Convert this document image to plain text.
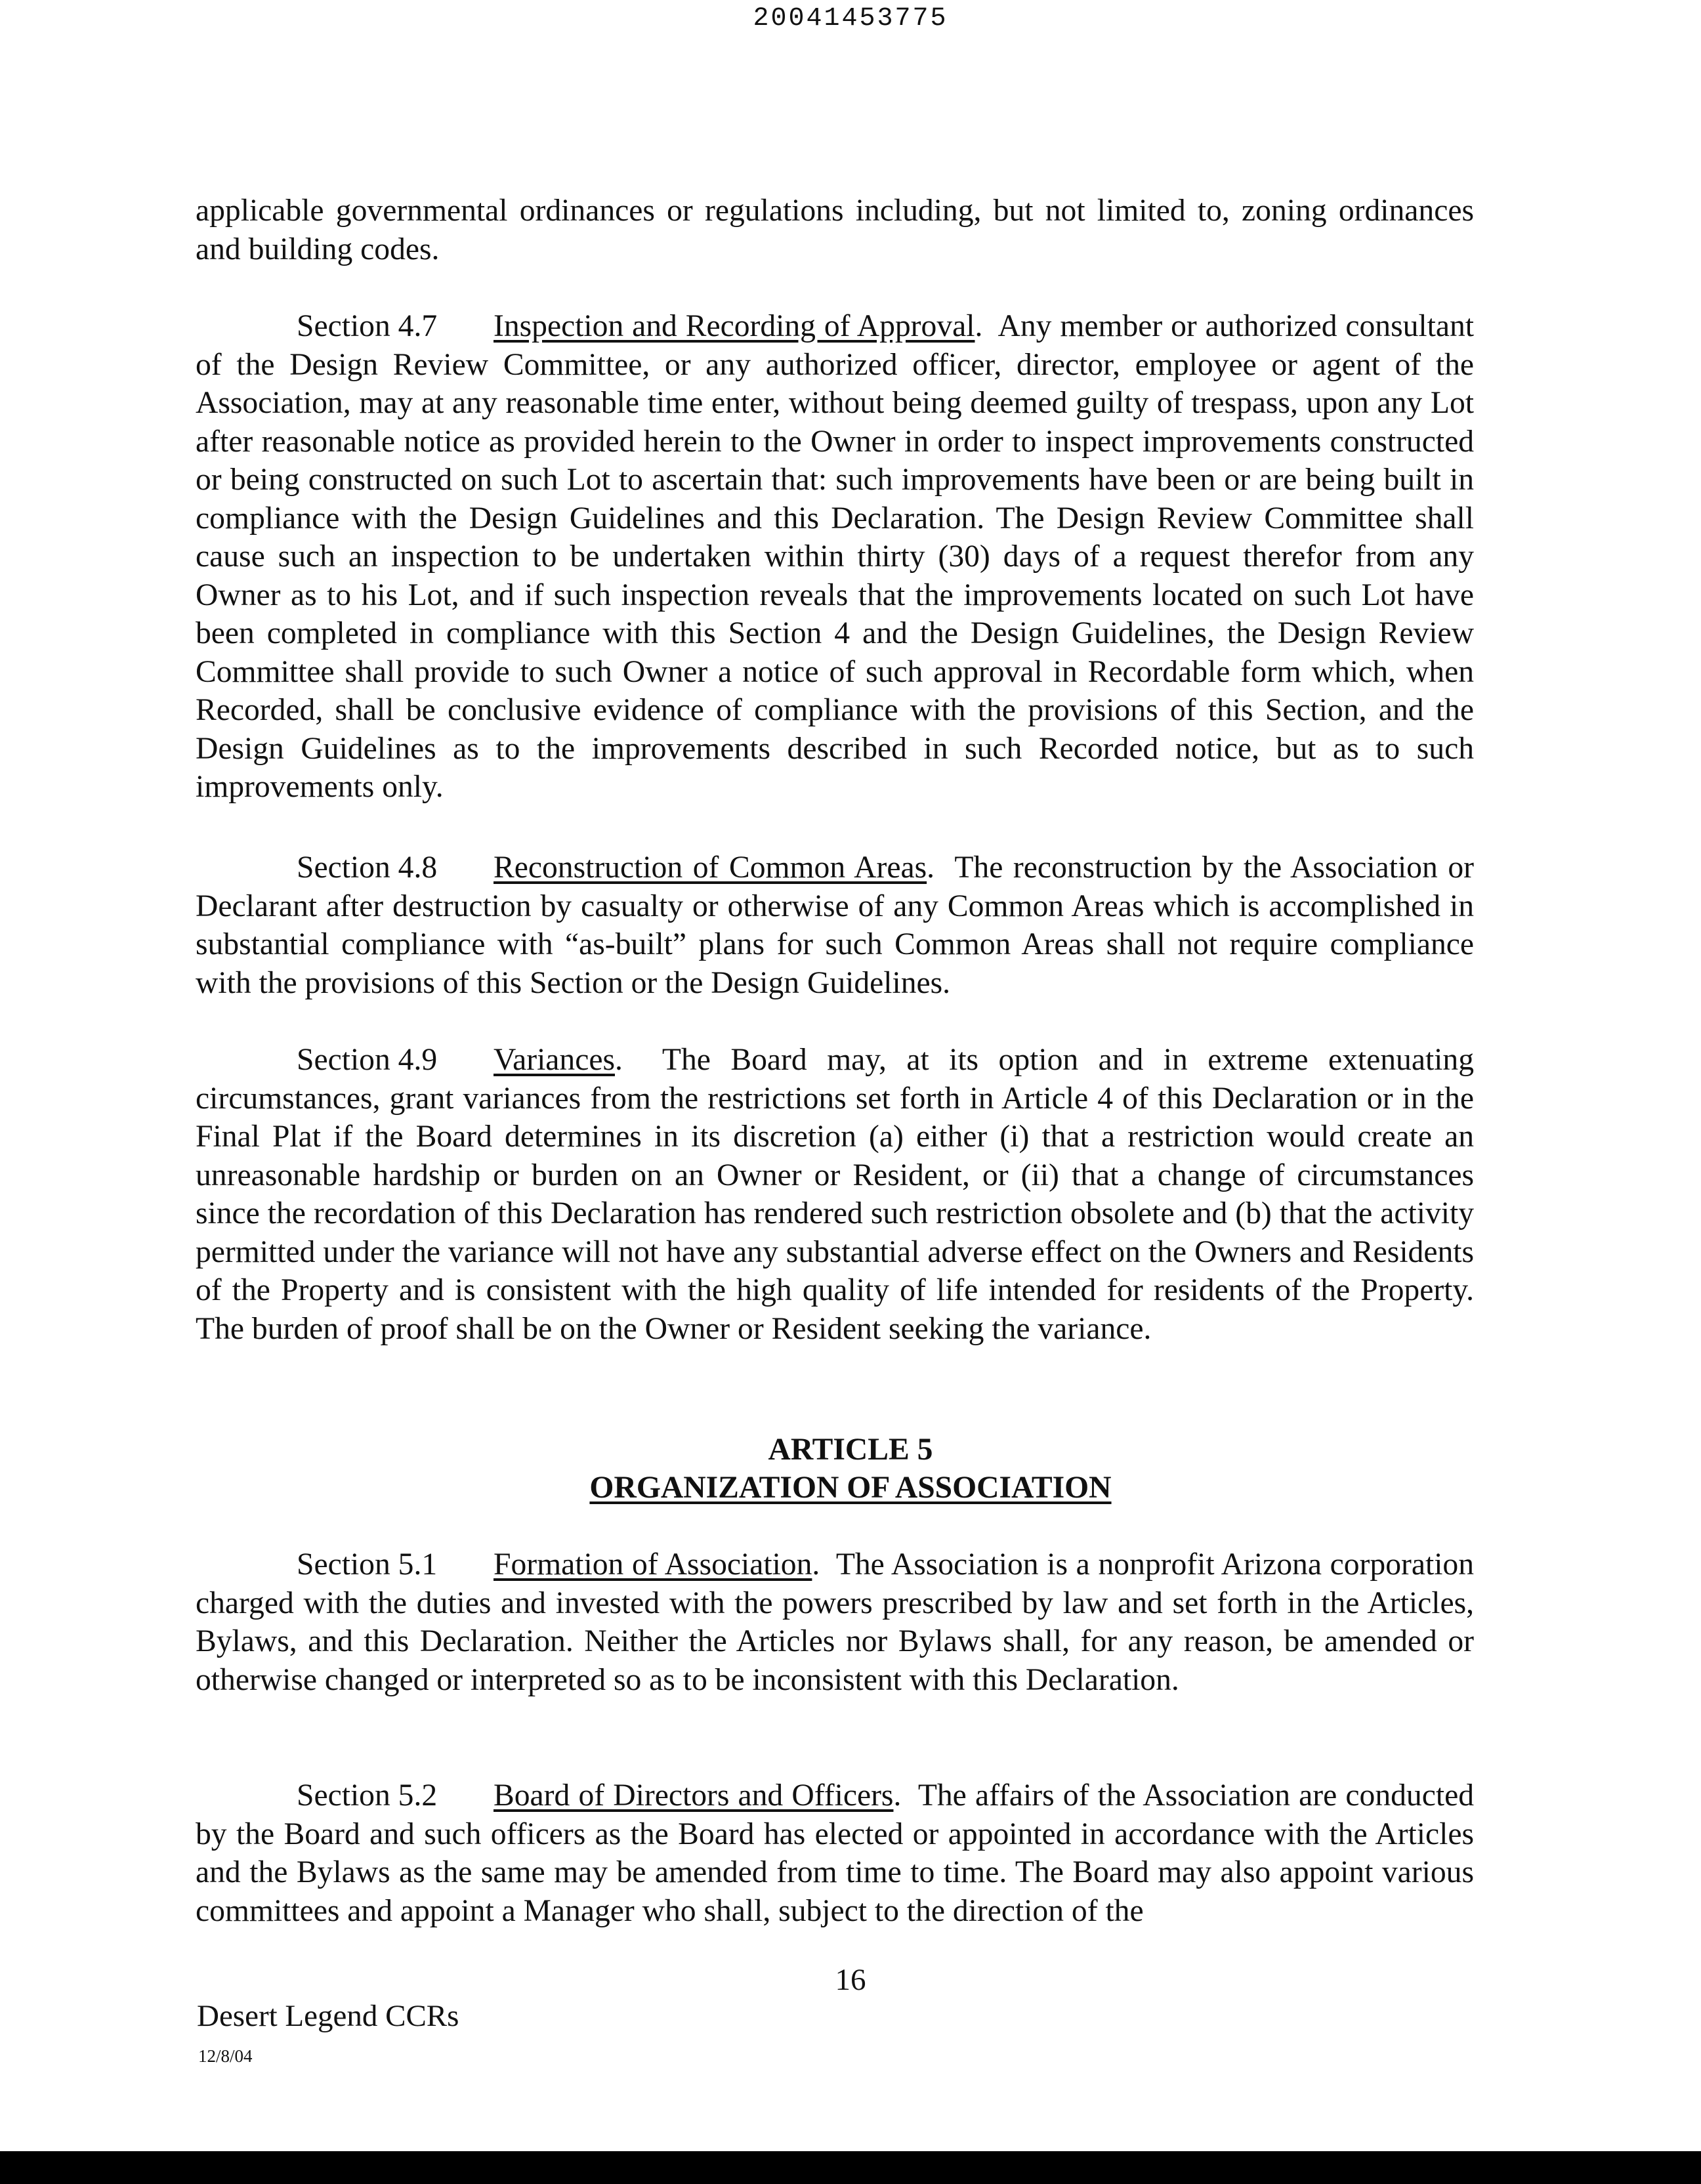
20041453775

applicable governmental ordinances or regulations including, but not limited to, zoning ordinances and building codes.

Section 4.7 Inspection and Recording of Approval.  Any member or authorized consultant of the Design Review Committee, or any authorized officer, director, employee or agent of the Association, may at any reasonable time enter, without being deemed guilty of trespass, upon any Lot after reasonable notice as provided herein to the Owner in order to inspect improvements constructed or being constructed on such Lot to ascertain that: such improvements have been or are being built in compliance with the Design Guidelines and this Declaration. The Design Review Committee shall cause such an inspection to be undertaken within thirty (30) days of a request therefor from any Owner as to his Lot, and if such inspection reveals that the improvements located on such Lot have been completed in compliance with this Section 4 and the Design Guidelines, the Design Review Committee shall provide to such Owner a notice of such approval in Recordable form which, when Recorded, shall be conclusive evidence of compliance with the provisions of this Section, and the Design Guidelines as to the improvements described in such Recorded notice, but as to such improvements only.

Section 4.8 Reconstruction of Common Areas.  The reconstruction by the Association or Declarant after destruction by casualty or otherwise of any Common Areas which is accomplished in substantial compliance with “as-built” plans for such Common Areas shall not require compliance with the provisions of this Section or the Design Guidelines.

Section 4.9 Variances.  The Board may, at its option and in extreme extenuating circumstances, grant variances from the restrictions set forth in Article 4 of this Declaration or in the Final Plat if the Board determines in its discretion (a) either (i) that a restriction would create an unreasonable hardship or burden on an Owner or Resident, or (ii) that a change of circumstances since the recordation of this Declaration has rendered such restriction obsolete and (b) that the activity permitted under the variance will not have any substantial adverse effect on the Owners and Residents of the Property and is consistent with the high quality of life intended for residents of the Property. The burden of proof shall be on the Owner or Resident seeking the variance.

ARTICLE 5
ORGANIZATION OF ASSOCIATION

Section 5.1 Formation of Association.  The Association is a nonprofit Arizona corporation charged with the duties and invested with the powers prescribed by law and set forth in the Articles, Bylaws, and this Declaration. Neither the Articles nor Bylaws shall, for any reason, be amended or otherwise changed or interpreted so as to be inconsistent with this Declaration.

Section 5.2 Board of Directors and Officers.  The affairs of the Association are conducted by the Board and such officers as the Board has elected or appointed in accordance with the Articles and the Bylaws as the same may be amended from time to time. The Board may also appoint various committees and appoint a Manager who shall, subject to the direction of the

16
Desert Legend CCRs
12/8/04
